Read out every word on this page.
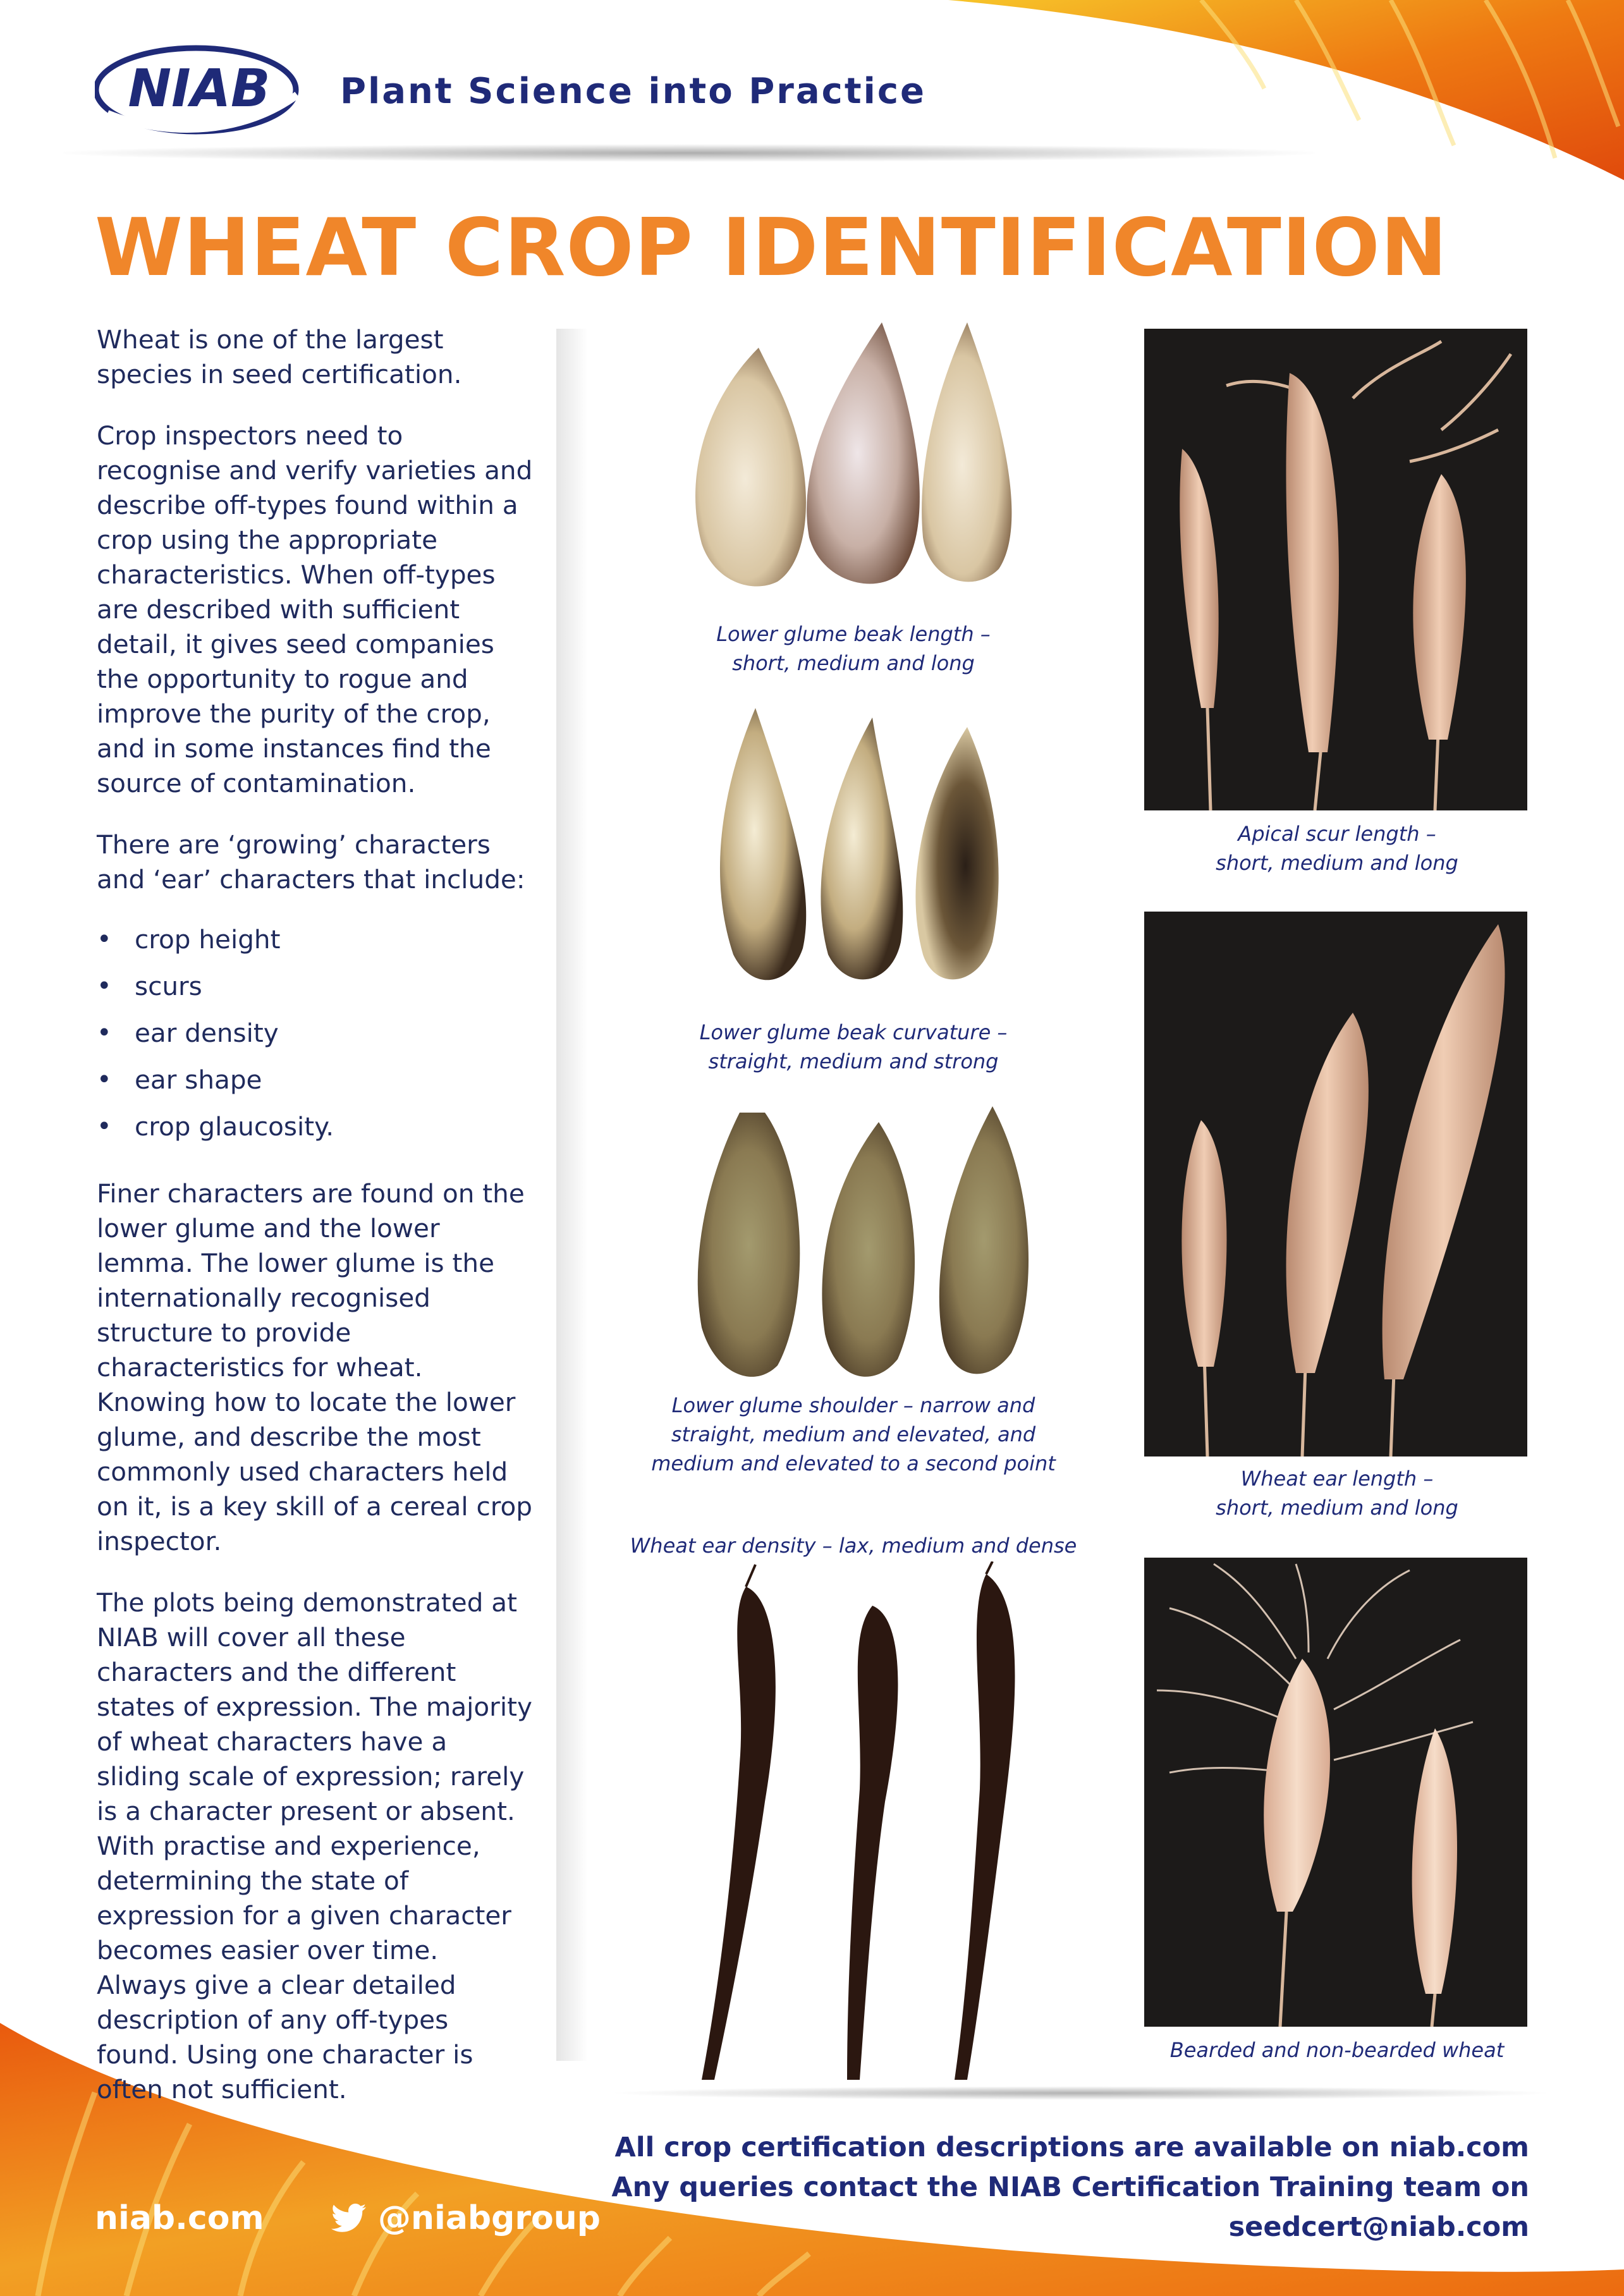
NIAB Plant Science into Practice
WHEAT CROP IDENTIFICATION

Wheat is one of the largest species in seed certification.

Crop inspectors need to recognise and verify varieties and describe off-types found within a crop using the appropriate characteristics. When off-types are described with sufficient detail, it gives seed companies the opportunity to rogue and improve the purity of the crop, and in some instances find the source of contamination.

There are ‘growing’ characters and ‘ear’ characters that include:

• crop height
• scurs
• ear density
• ear shape
• crop glaucosity.

Finer characters are found on the lower glume and the lower lemma. The lower glume is the internationally recognised structure to provide characteristics for wheat. Knowing how to locate the lower glume, and describe the most commonly used characters held on it, is a key skill of a cereal crop inspector.

The plots being demonstrated at NIAB will cover all these characters and the different states of expression. The majority of wheat characters have a sliding scale of expression; rarely is a character present or absent. With practise and experience, determining the state of expression for a given character becomes easier over time. Always give a clear detailed description of any off-types found. Using one character is often not sufficient.

Lower glume beak length –
short, medium and long
Lower glume beak curvature –
straight, medium and strong
Lower glume shoulder – narrow and
straight, medium and elevated, and
medium and elevated to a second point
Wheat ear density – lax, medium and dense
Apical scur length –
short, medium and long
Wheat ear length –
short, medium and long
Bearded and non-bearded wheat
All crop certification descriptions are available on niab.com
Any queries contact the NIAB Certification Training team on
seedcert@niab.com
niab.com	@niabgroup
